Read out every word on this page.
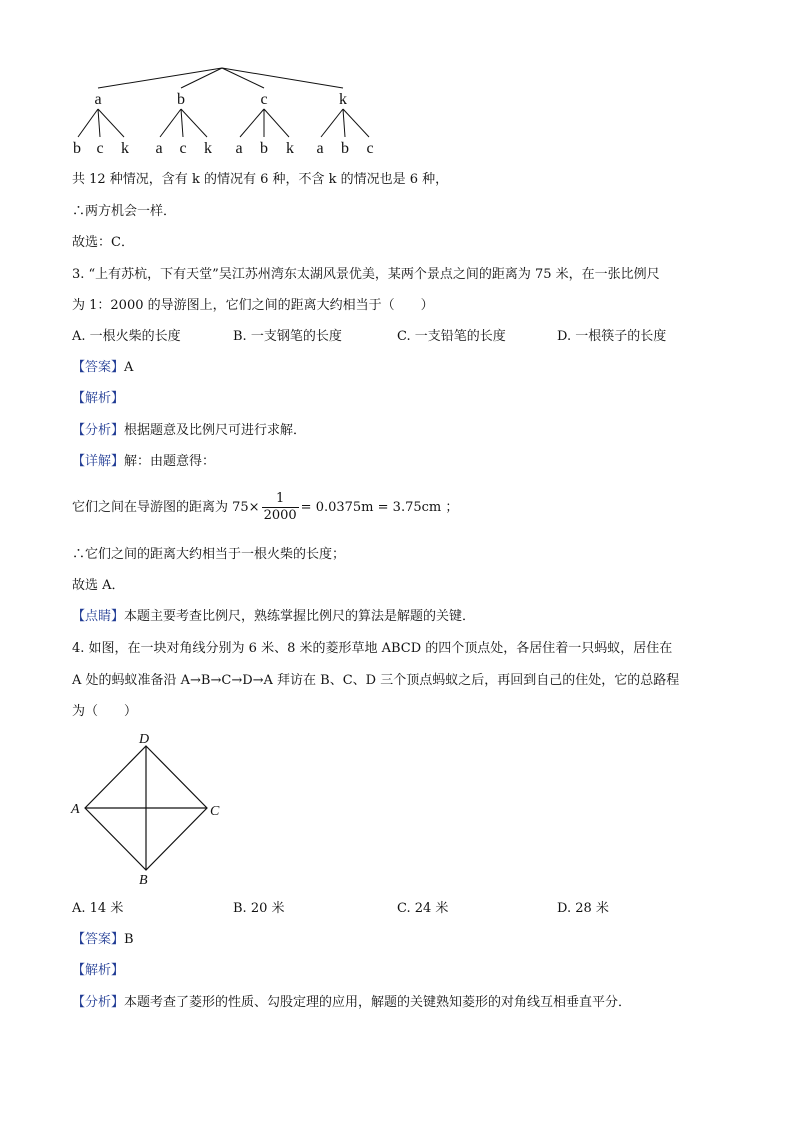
a	b	c	k
b c k a c k a b k a b c
共 12 种情况，含有 k 的情况有 6 种，不含 k 的情况也是 6 种，
∴两方机会一样．
故选：C．
3. “上有苏杭，下有天堂”吴江苏州湾东太湖风景优美，某两个景点之间的距离为 75 米，在一张比例尺
为 1：2000 的导游图上，它们之间的距离大约相当于（　　）
A. 一根火柴的长度	B. 一支钢笔的长度	C. 一支铅笔的长度	D. 一根筷子的长度
【答案】A
【解析】
【分析】根据题意及比例尺可进行求解．
【详解】解：由题意得：
它们之间在导游图的距离为 $75\times \frac{1}{2000} = 0.0375m = 3.75cm$ ；
∴它们之间的距离大约相当于一根火柴的长度；
故选 A．
【点睛】本题主要考查比例尺，熟练掌握比例尺的算法是解题的关键．
4. 如图，在一块对角线分别为 6 米、8 米的菱形草地 ABCD 的四个顶点处，各居住着一只蚂蚁，居住在
A 处的蚂蚁准备沿 A→B→C→D→A 拜访在 B、C、D 三个顶点蚂蚁之后，再回到自己的住处，它的总路程
为（　　）
D
A	C
B
A. 14 米	B. 20 米	C. 24 米	D. 28 米
【答案】B
【解析】
【分析】本题考查了菱形的性质、勾股定理的应用，解题的关键熟知菱形的对角线互相垂直平分．
